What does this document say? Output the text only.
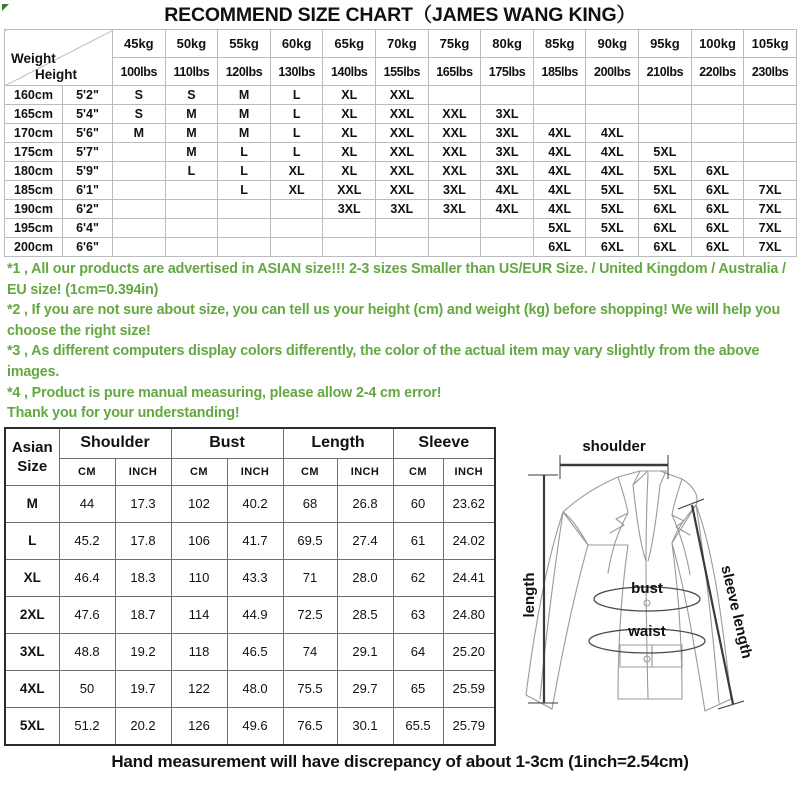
RECOMMEND SIZE CHART（JAMES WANG KING）
Weight
Height		45kg	50kg	55kg	60kg	65kg	70kg	75kg	80kg	85kg	90kg	95kg	100kg	105kg
		100lbs	110lbs	120lbs	130lbs	140lbs	155lbs	165lbs	175lbs	185lbs	200lbs	210lbs	220lbs	230lbs
160cm	5'2"	S	S	M	L	XL	XXL							
165cm	5'4"	S	M	M	L	XL	XXL	XXL	3XL					
170cm	5'6"	M	M	M	L	XL	XXL	XXL	3XL	4XL	4XL			
175cm	5'7"		M	L	L	XL	XXL	XXL	3XL	4XL	4XL	5XL		
180cm	5'9"		L	L	XL	XL	XXL	XXL	3XL	4XL	4XL	5XL	6XL	
185cm	6'1"			L	XL	XXL	XXL	3XL	4XL	4XL	5XL	5XL	6XL	7XL
190cm	6'2"					3XL	3XL	3XL	4XL	4XL	5XL	6XL	6XL	7XL
195cm	6'4"									5XL	5XL	6XL	6XL	7XL
200cm	6'6"									6XL	6XL	6XL	6XL	7XL

*1 , All our products are advertised in ASIAN size!!! 2-3 sizes Smaller than US/EUR Size. / United Kingdom / Australia / EU size! (1cm=0.394in)

*2 , If you are not sure about size, you can tell us your height (cm) and weight (kg) before shopping! We will help you choose the right size!

*3 , As different computers display colors differently, the color of the actual item may vary slightly from the above images.

*4 , Product is pure manual measuring, please allow 2-4 cm error!

Thank you for your understanding!

Asian
Size	Shoulder		Bust		Length		Sleeve	
	CM	INCH	CM	INCH	CM	INCH	CM	INCH
M	44	17.3	102	40.2	68	26.8	60	23.62
L	45.2	17.8	106	41.7	69.5	27.4	61	24.02
XL	46.4	18.3	110	43.3	71	28.0	62	24.41
2XL	47.6	18.7	114	44.9	72.5	28.5	63	24.80
3XL	48.8	19.2	118	46.5	74	29.1	64	25.20
4XL	50	19.7	122	48.0	75.5	29.7	65	25.59
5XL	51.2	20.2	126	49.6	76.5	30.1	65.5	25.79
shoulder
length	bust
waist	sleeve length
Hand measurement will have discrepancy of about 1-3cm (1inch=2.54cm)
